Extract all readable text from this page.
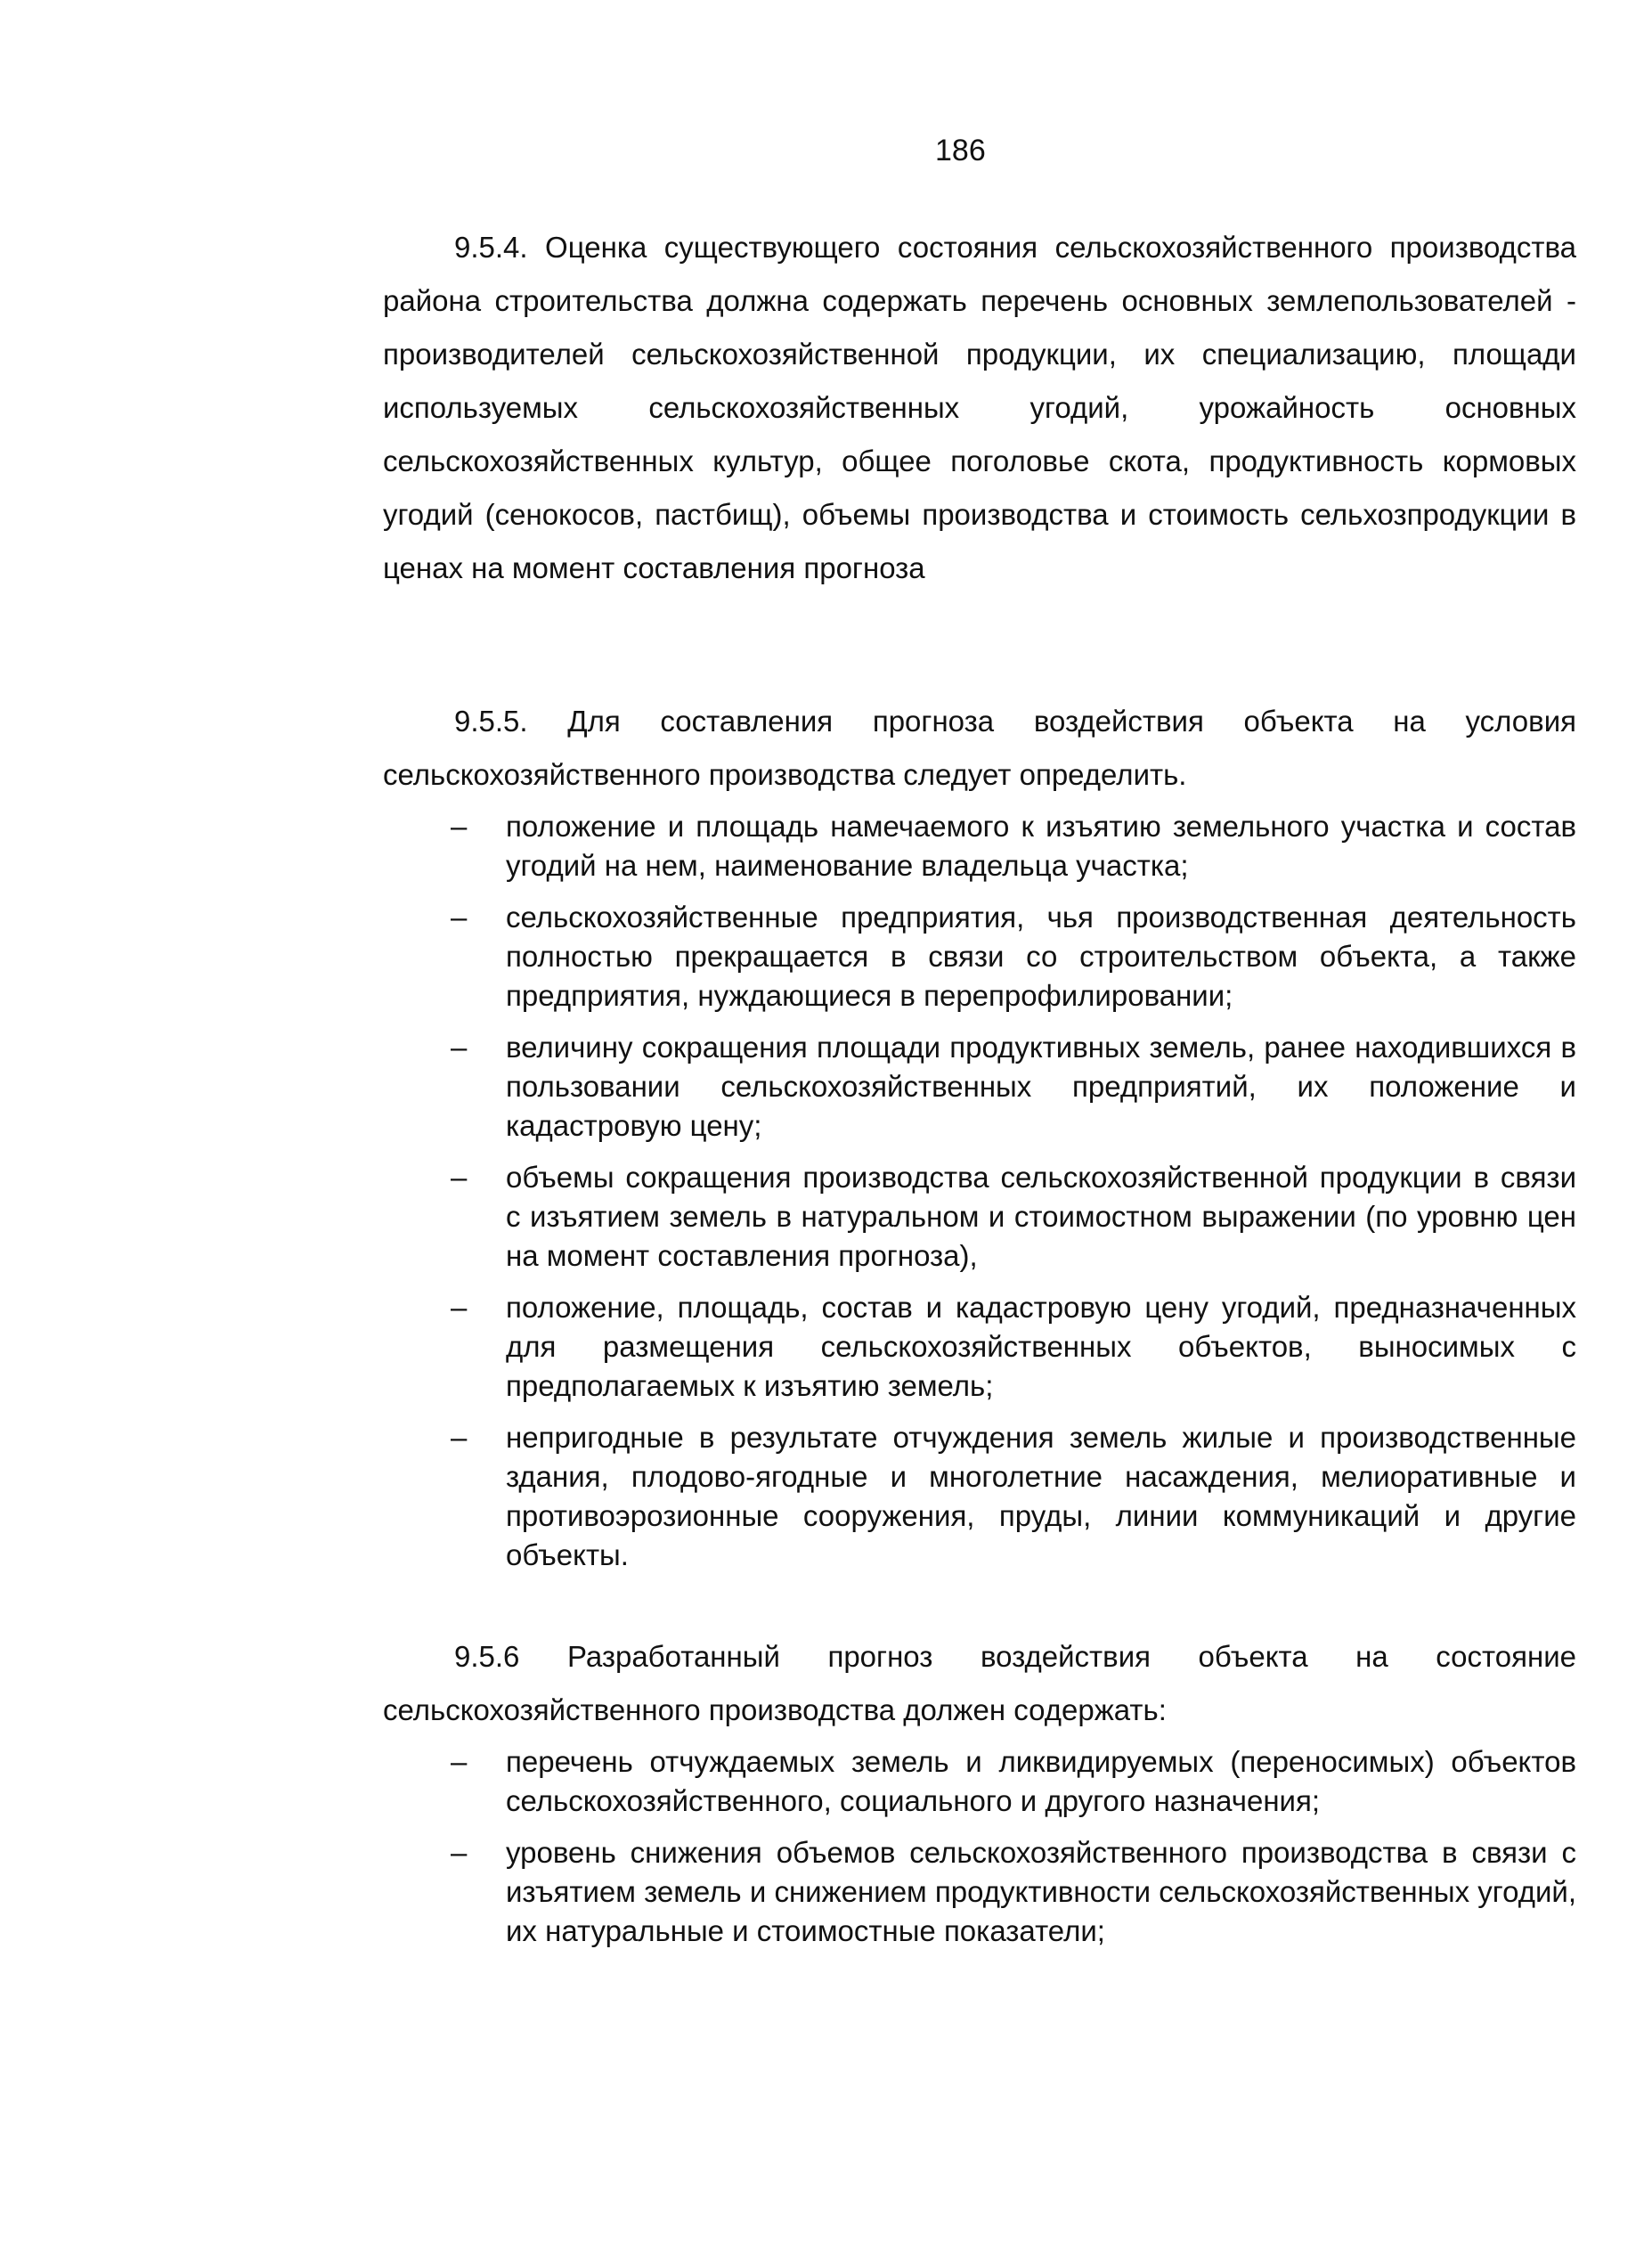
186

9.5.4. Оценка существующего состояния сельскохозяйственного производства района строительства должна содержать перечень основных землепользователей - производителей сельскохозяйственной продукции, их специализацию, площади используемых сельскохозяйственных угодий, урожайность основных сельскохозяйственных культур, общее поголовье скота, продуктивность кормовых угодий (сенокосов, пастбищ), объемы производства и стоимость сельхозпродукции в ценах на момент составления прогноза

9.5.5. Для составления прогноза воздействия объекта на условия сельскохозяйственного производства следует определить.

– положение и площадь намечаемого к изъятию земельного участка и состав угодий на нем, наименование владельца участка;
– сельскохозяйственные предприятия, чья производственная деятельность полностью прекращается в связи со строительством объекта, а также предприятия, нуждающиеся в перепрофилировании;
– величину сокращения площади продуктивных земель, ранее находившихся в пользовании сельскохозяйственных предприятий, их положение и кадастровую цену;
– объемы сокращения производства сельскохозяйственной продукции в связи с изъятием земель в натуральном и стоимостном выражении (по уровню цен на момент составления прогноза),
– положение, площадь, состав и кадастровую цену угодий, предназначенных для размещения сельскохозяйственных объектов, выносимых с предполагаемых к изъятию земель;
– непригодные в результате отчуждения земель жилые и производственные здания, плодово-ягодные и многолетние насаждения, мелиоративные и противоэрозионные сооружения, пруды, линии коммуникаций и другие объекты.

9.5.6 Разработанный прогноз воздействия объекта на состояние сельскохозяйственного производства должен содержать:

– перечень отчуждаемых земель и ликвидируемых (переносимых) объектов сельскохозяйственного, социального и другого назначения;
– уровень снижения объемов сельскохозяйственного производства в связи с изъятием земель и снижением продуктивности сельскохозяйственных угодий, их натуральные и стоимостные показатели;
